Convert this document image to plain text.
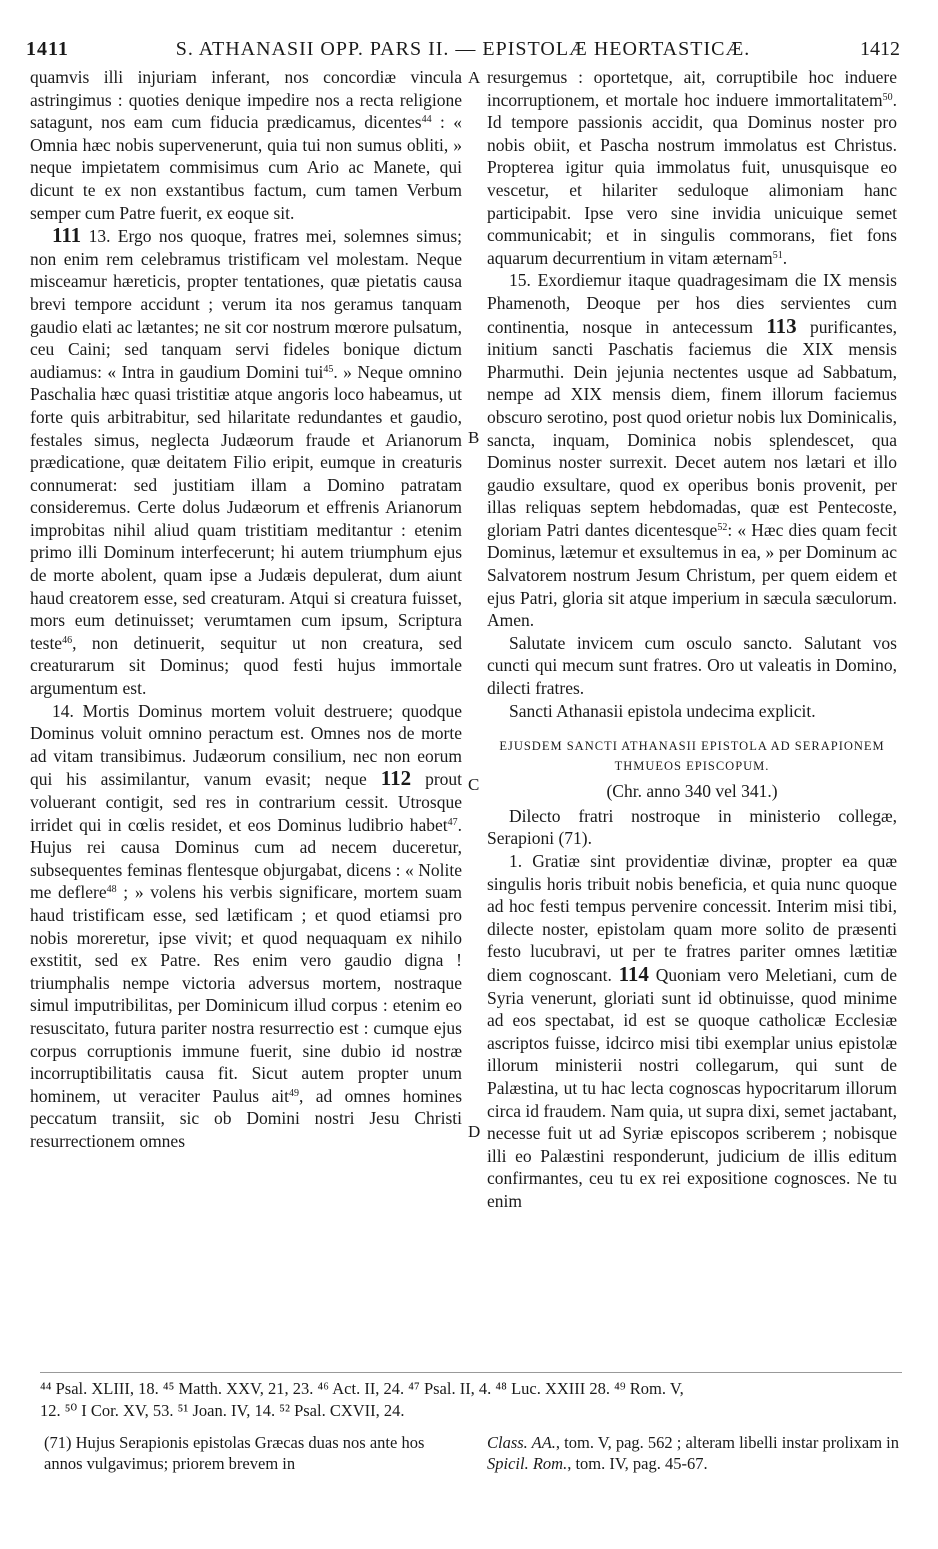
1411	S. ATHANASII OPP. PARS II. — EPISTOLÆ HEORTASTICÆ.	1412
A
B
C
D

quamvis illi injuriam inferant, nos concordiæ vincula astringimus : quoties denique impedire nos a recta religione satagunt, nos eam cum fiducia prædicamus, dicentes$^{44}$ : « Omnia hæc nobis supervenerunt, quia tui non sumus obliti, » neque impietatem commisimus cum Ario ac Manete, qui dicunt te ex non exstantibus factum, cum tamen Verbum semper cum Patre fuerit, ex eoque sit.

111 13. Ergo nos quoque, fratres mei, solemnes simus; non enim rem celebramus tristificam vel molestam. Neque misceamur hæreticis, propter tentationes, quæ pietatis causa brevi tempore accidunt ; verum ita nos geramus tanquam gaudio elati ac lætantes; ne sit cor nostrum mœrore pulsatum, ceu Caini; sed tanquam servi fideles bonique dictum audiamus: « Intra in gaudium Domini tui$^{45}$. » Neque omnino Paschalia hæc quasi tristitiæ atque angoris loco habeamus, ut forte quis arbitrabitur, sed hilaritate redundantes et gaudio, festales simus, neglecta Judæorum fraude et Arianorum prædicatione, quæ deitatem Filio eripit, eumque in creaturis connumerat: sed justitiam illam a Domino patratam consideremus. Certe dolus Judæorum et effrenis Arianorum improbitas nihil aliud quam tristitiam meditantur : etenim primo illi Dominum interfecerunt; hi autem triumphum ejus de morte abolent, quam ipse a Judæis depulerat, dum aiunt haud creatorem esse, sed creaturam. Atqui si creatura fuisset, mors eum detinuisset; verumtamen cum ipsum, Scriptura teste$^{46}$, non detinuerit, sequitur ut non creatura, sed creaturarum sit Dominus; quod festi hujus immortale argumentum est.

14. Mortis Dominus mortem voluit destruere; quodque Dominus voluit omnino peractum est. Omnes nos de morte ad vitam transibimus. Judæorum consilium, nec non eorum qui his assimilantur, vanum evasit; neque 112 prout voluerant contigit, sed res in contrarium cessit. Utrosque irridet qui in cœlis residet, et eos Dominus ludibrio habet$^{47}$. Hujus rei causa Dominus cum ad necem duceretur, subsequentes feminas flentesque objurgabat, dicens : « Nolite me deflere$^{48}$ ; » volens his verbis significare, mortem suam haud tristificam esse, sed lætificam ; et quod etiamsi pro nobis moreretur, ipse vivit; et quod nequaquam ex nihilo exstitit, sed ex Patre. Res enim vero gaudio digna ! triumphalis nempe victoria adversus mortem, nostraque simul imputribilitas, per Dominicum illud corpus : etenim eo resuscitato, futura pariter nostra resurrectio est : cumque ejus corpus corruptionis immune fuerit, sine dubio id nostræ incorruptibilitatis causa fit. Sicut autem propter unum hominem, ut veraciter Paulus ait$^{49}$, ad omnes homines peccatum transiit, sic ob Domini nostri Jesu Christi resurrectionem omnes

resurgemus : oportetque, ait, corruptibile hoc induere incorruptionem, et mortale hoc induere immortalitatem$^{50}$. Id tempore passionis accidit, qua Dominus noster pro nobis obiit, et Pascha nostrum immolatus est Christus. Propterea igitur quia immolatus fuit, unusquisque eo vescetur, et hilariter seduloque alimoniam hanc participabit. Ipse vero sine invidia unicuique semet communicabit; et in singulis commorans, fiet fons aquarum decurrentium in vitam æternam$^{51}$.

15. Exordiemur itaque quadragesimam die IX mensis Phamenoth, Deoque per hos dies servientes cum continentia, nosque in antecessum 113 purificantes, initium sancti Paschatis faciemus die XIX mensis Pharmuthi. Dein jejunia nectentes usque ad Sabbatum, nempe ad XIX mensis diem, finem illorum faciemus obscuro serotino, post quod orietur nobis lux Dominicalis, sancta, inquam, Dominica nobis splendescet, qua Dominus noster surrexit. Decet autem nos lætari et illo gaudio exsultare, quod ex operibus bonis provenit, per illas reliquas septem hebdomadas, quæ est Pentecoste, gloriam Patri dantes dicentesque$^{52}$: « Hæc dies quam fecit Dominus, lætemur et exsultemus in ea, » per Dominum ac Salvatorem nostrum Jesum Christum, per quem eidem et ejus Patri, gloria sit atque imperium in sæcula sæculorum. Amen.

Salutate invicem cum osculo sancto. Salutant vos cuncti qui mecum sunt fratres. Oro ut valeatis in Domino, dilecti fratres.

Sancti Athanasii epistola undecima explicit.

EJUSDEM SANCTI ATHANASII EPISTOLA AD SERAPIONEM
THMUEOS EPISCOPUM.

(Chr. anno 340 vel 341.)

Dilecto fratri nostroque in ministerio collegæ, Serapioni (71).

1. Gratiæ sint providentiæ divinæ, propter ea quæ singulis horis tribuit nobis beneficia, et quia nunc quoque ad hoc festi tempus pervenire concessit. Interim misi tibi, dilecte noster, epistolam quam more solito de præsenti festo lucubravi, ut per te fratres pariter omnes lætitiæ diem cognoscant. 114 Quoniam vero Meletiani, cum de Syria venerunt, gloriati sunt id obtinuisse, quod minime ad eos spectabat, id est se quoque catholicæ Ecclesiæ ascriptos fuisse, idcirco misi tibi exemplar unius epistolæ illorum ministerii nostri collegarum, qui sunt de Palæstina, ut tu hac lecta cognoscas hypocritarum illorum circa id fraudem. Nam quia, ut supra dixi, semet jactabant, necesse fuit ut ad Syriæ episcopos scriberem ; nobisque illi eo Palæstini responderunt, judicium de illis editum confirmantes, ceu tu ex rei expositione cognosces. Ne tu enim

⁴⁴ Psal. XLIII, 18. ⁴⁵ Matth. XXV, 21, 23. ⁴⁶ Act. II, 24. ⁴⁷ Psal. II, 4. ⁴⁸ Luc. XXIII 28. ⁴⁹ Rom. V,
12. ⁵⁰ I Cor. XV, 53. ⁵¹ Joan. IV, 14. ⁵² Psal. CXVII, 24.
(71) Hujus Serapionis epistolas Græcas duas nos ante hos annos vulgavimus; priorem brevem in
Class. AA., tom. V, pag. 562 ; alteram libelli instar prolixam in Spicil. Rom., tom. IV, pag. 45-67.
